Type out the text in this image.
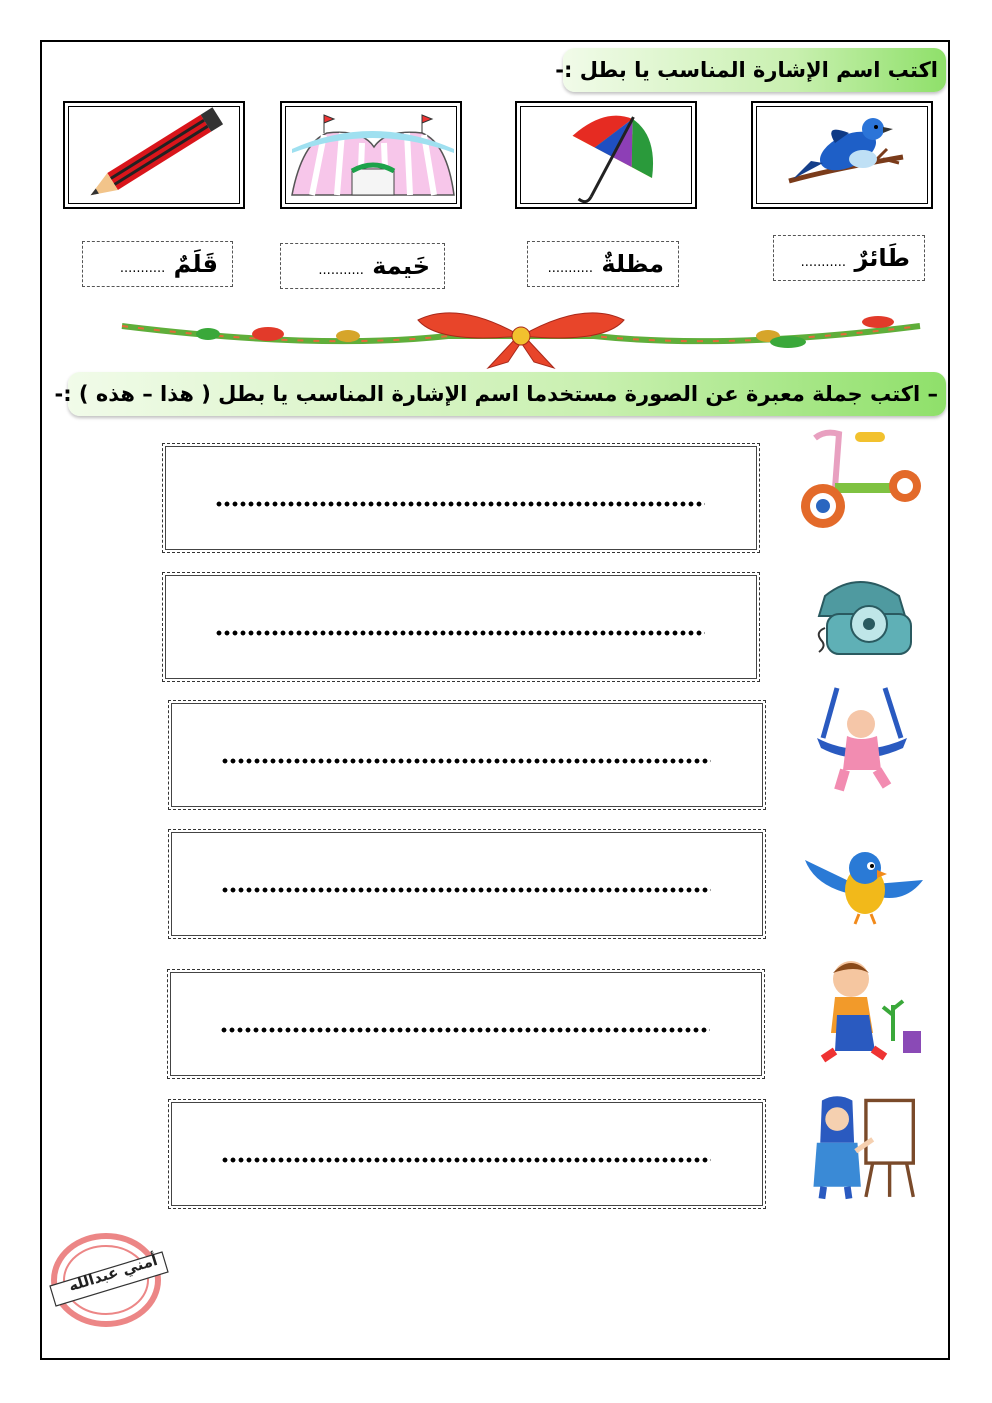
اكتب اسم الإشارة المناسب يا بطل :-
طَائرٌ ...........
مظلةٌ ...........
خَيمة ...........
قَلَمٌ ...........
– اكتب جملة معبرة عن الصورة مستخدما اسم الإشارة المناسب يا بطل ( هذا – هذه ) :-
أمني عبدالله
